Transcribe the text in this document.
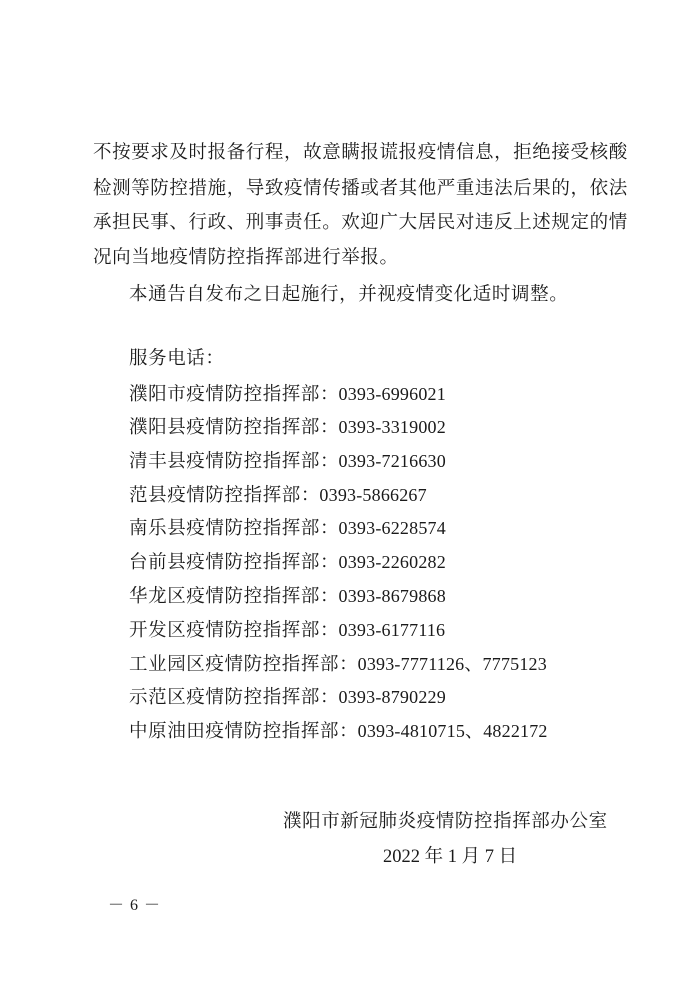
不按要求及时报备行程，故意瞒报谎报疫情信息，拒绝接受核酸
检测等防控措施，导致疫情传播或者其他严重违法后果的，依法
承担民事、行政、刑事责任。欢迎广大居民对违反上述规定的情
况向当地疫情防控指挥部进行举报。
本通告自发布之日起施行，并视疫情变化适时调整。
服务电话：
濮阳市疫情防控指挥部：0393-6996021
濮阳县疫情防控指挥部：0393-3319002
清丰县疫情防控指挥部：0393-7216630
范县疫情防控指挥部：0393-5866267
南乐县疫情防控指挥部：0393-6228574
台前县疫情防控指挥部：0393-2260282
华龙区疫情防控指挥部：0393-8679868
开发区疫情防控指挥部：0393-6177116
工业园区疫情防控指挥部：0393-7771126、7775123
示范区疫情防控指挥部：0393-8790229
中原油田疫情防控指挥部：0393-4810715、4822172
濮阳市新冠肺炎疫情防控指挥部办公室
2022 年 1 月 7 日
－ 6 －
